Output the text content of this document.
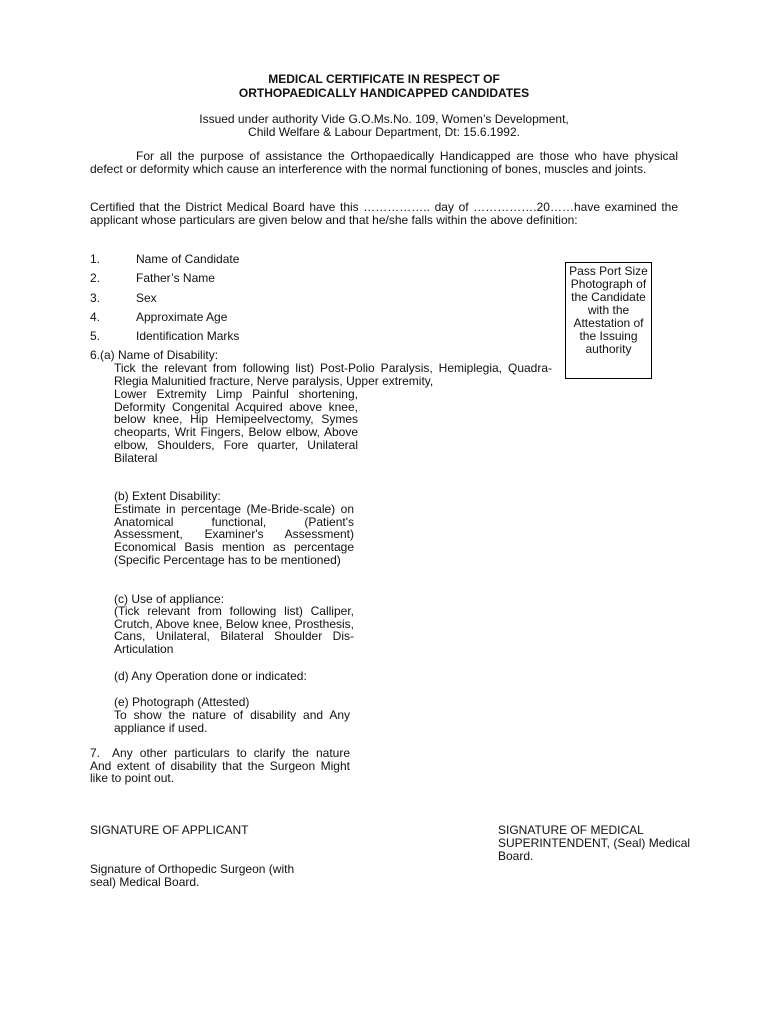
MEDICAL CERTIFICATE IN RESPECT OF
ORTHOPAEDICALLY HANDICAPPED CANDIDATES
Issued under authority Vide G.O.Ms.No. 109, Women’s Development,
Child Welfare & Labour Department, Dt: 15.6.1992.
For all the purpose of assistance the Orthopaedically Handicapped are those who have physical defect or deformity which cause an interference with the normal functioning of bones, muscles and joints.
Certified that the District Medical Board have this …………….. day of …………….20……have examined the applicant whose particulars are given below and that he/she falls within the above definition:
1.	Name of Candidate
2.	Father’s Name
3.	Sex
4.	Approximate Age
5.	Identification Marks
Pass Port Size Photograph of the Candidate with the Attestation of the Issuing authority
6.(a) Name of Disability:
Tick the relevant from following list) Post-Polio Paralysis, Hemiplegia, Quadra-Rlegia Malunitied fracture, Nerve paralysis, Upper extremity,
Lower Extremity Limp Painful shortening, Deformity Congenital Acquired above knee, below knee, Hip Hemipeelvectomy, Symes cheoparts, Writ Fingers, Below elbow, Above elbow, Shoulders, Fore quarter, Unilateral Bilateral
(b) Extent Disability:
Estimate in percentage (Me-Bride-scale) on Anatomical functional, (Patient's Assessment, Examiner's Assessment) Economical Basis mention as percentage (Specific Percentage has to be mentioned)
(c) Use of appliance:
(Tick relevant from following list) Calliper, Crutch, Above knee, Below knee, Prosthesis, Cans, Unilateral, Bilateral Shoulder Dis-Articulation
(d) Any Operation done or indicated:
(e) Photograph (Attested)
To show the nature of disability and Any appliance if used.
7. Any other particulars to clarify the nature And extent of disability that the Surgeon Might like to point out.
SIGNATURE OF APPLICANT	SIGNATURE OF MEDICAL SUPERINTENDENT, (Seal) Medical Board.
Signature of Orthopedic Surgeon (with seal) Medical Board.
